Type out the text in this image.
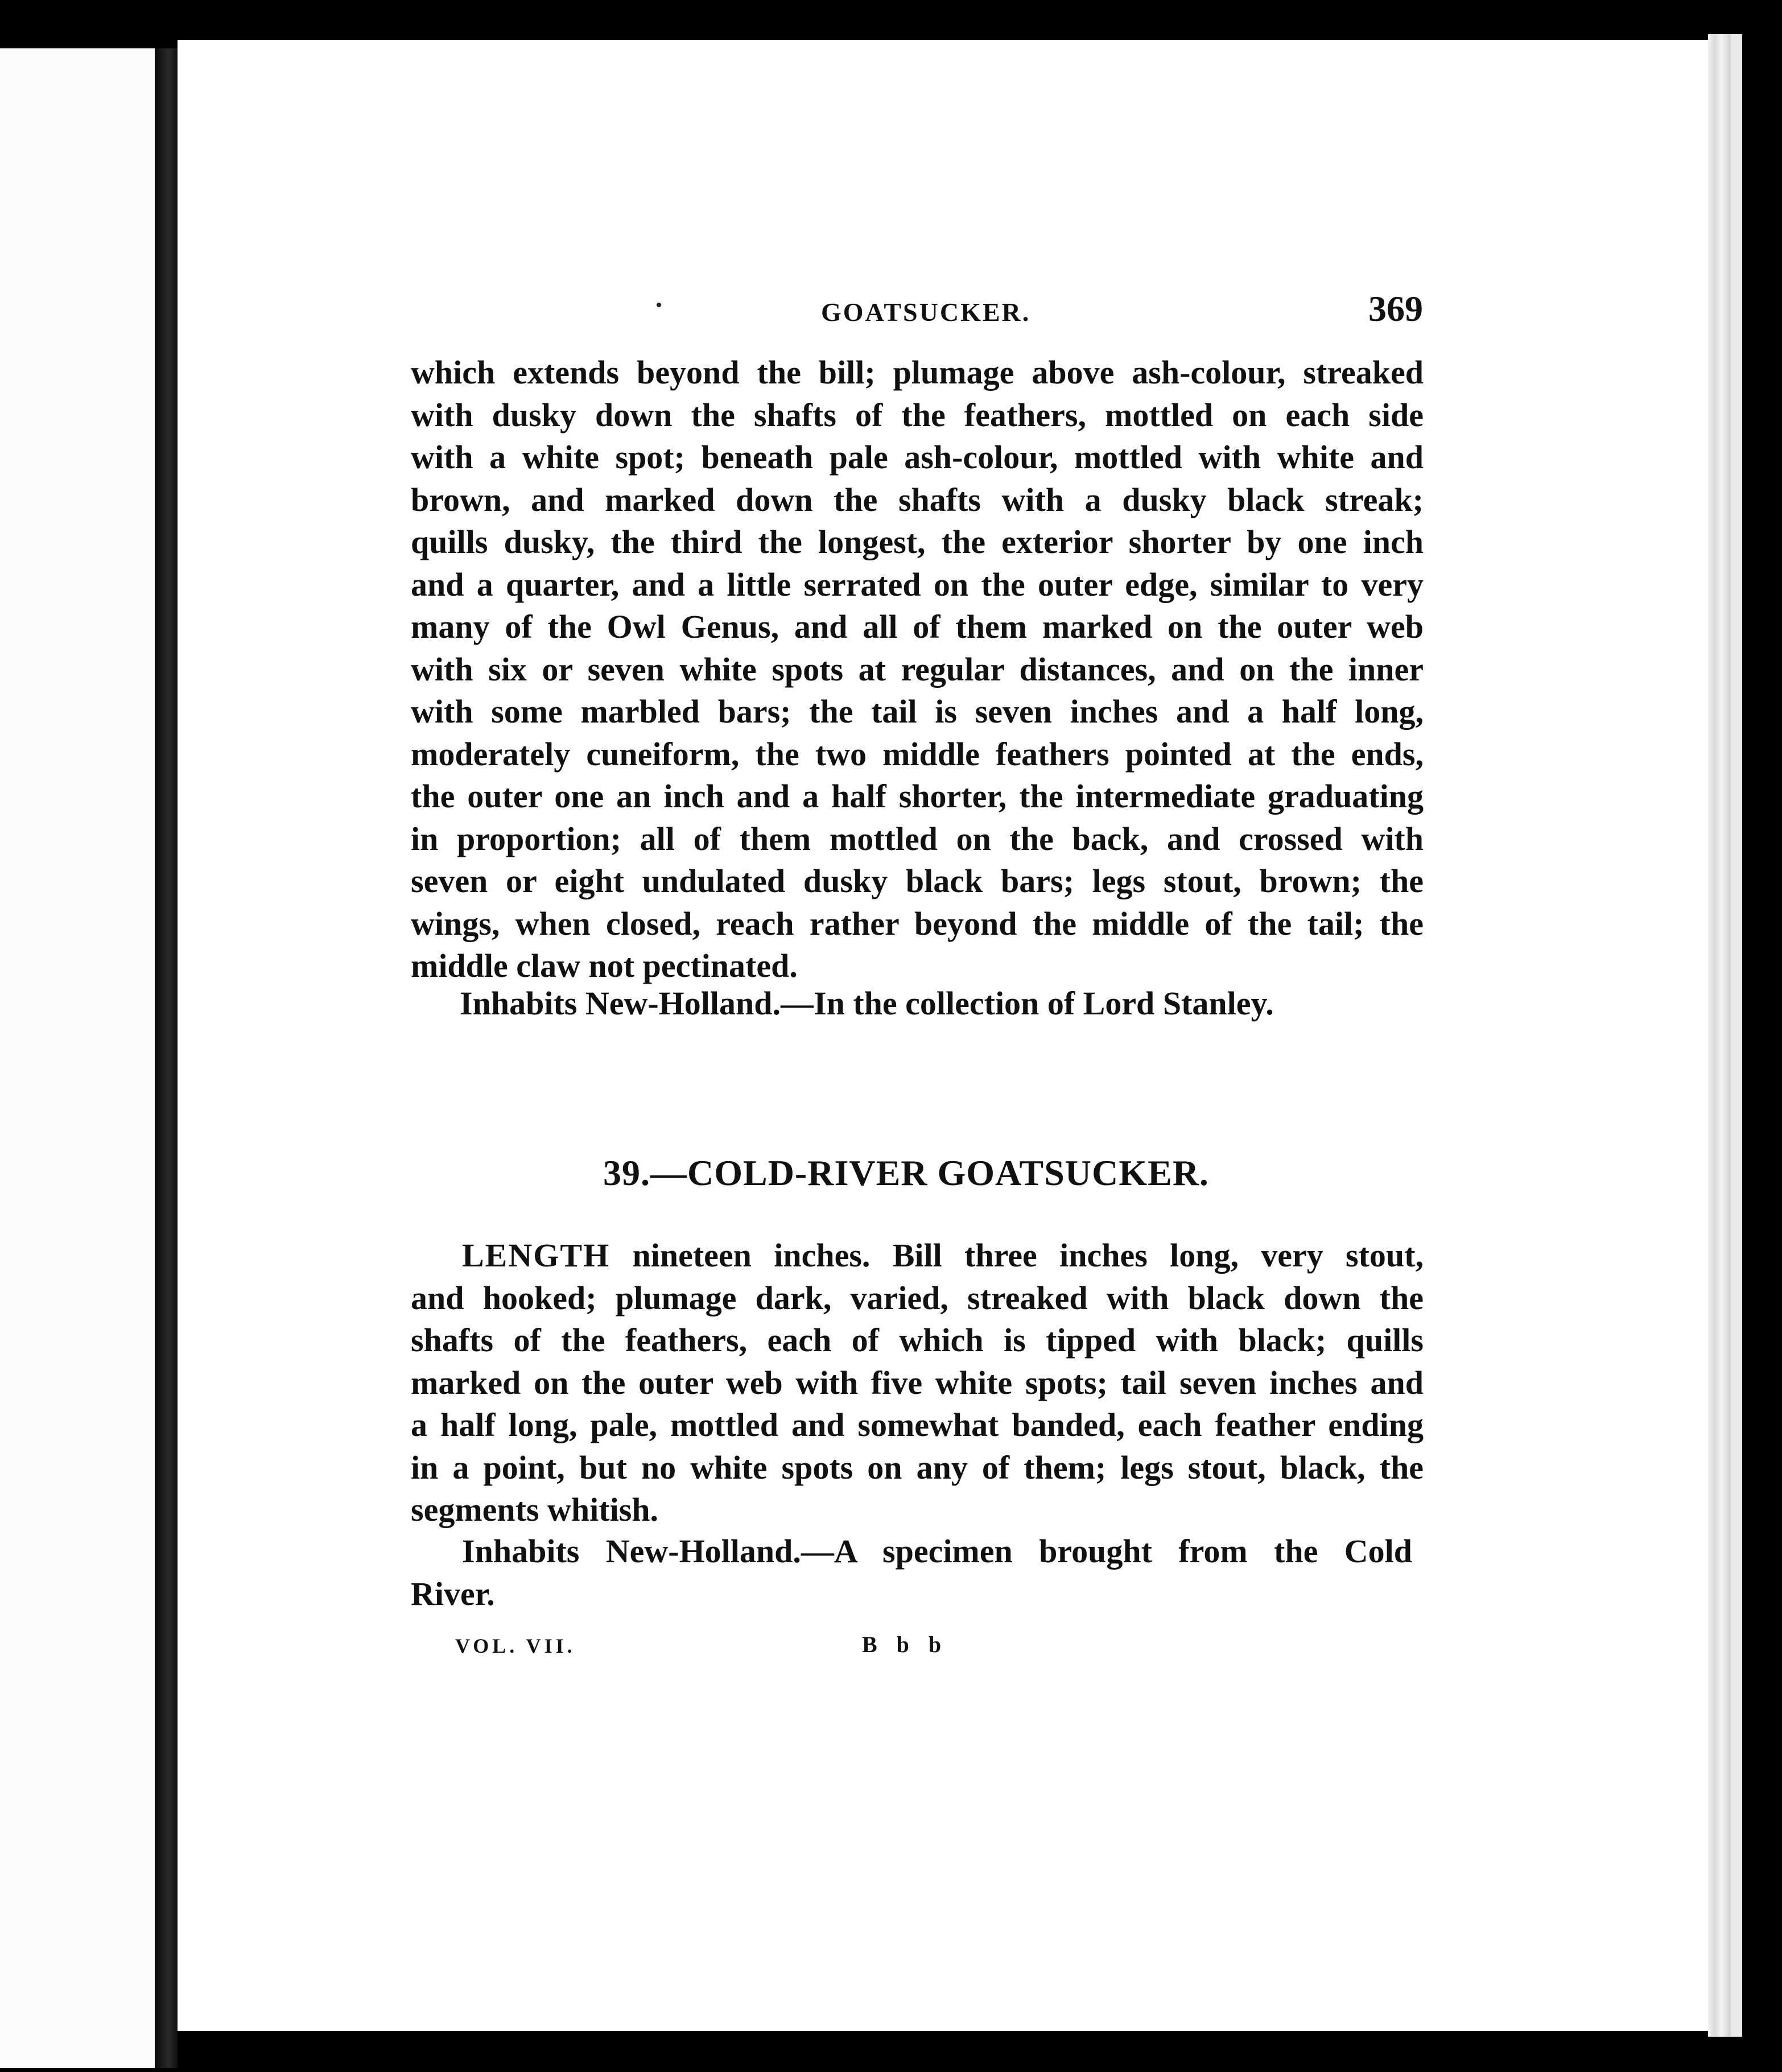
GOATSUCKER.	369
which extends beyond the bill; plumage above ash-colour, streaked
with dusky down the shafts of the feathers, mottled on each side
with a white spot; beneath pale ash-colour, mottled with white and
brown, and marked down the shafts with a dusky black streak;
quills dusky, the third the longest, the exterior shorter by one inch
and a quarter, and a little serrated on the outer edge, similar to very
many of the Owl Genus, and all of them marked on the outer web
with six or seven white spots at regular distances, and on the inner
with some marbled bars; the tail is seven inches and a half long,
moderately cuneiform, the two middle feathers pointed at the ends,
the outer one an inch and a half shorter, the intermediate graduating
in proportion; all of them mottled on the back, and crossed with
seven or eight undulated dusky black bars; legs stout, brown; the
wings, when closed, reach rather beyond the middle of the tail; the
middle claw not pectinated.
Inhabits New-Holland.—In the collection of Lord Stanley.
39.—COLD-RIVER GOATSUCKER.
LENGTH nineteen inches. Bill three inches long, very stout,
and hooked; plumage dark, varied, streaked with black down the
shafts of the feathers, each of which is tipped with black; quills
marked on the outer web with five white spots; tail seven inches and
a half long, pale, mottled and somewhat banded, each feather ending
in a point, but no white spots on any of them; legs stout, black, the
segments whitish.
Inhabits New-Holland.—A specimen brought from the Cold
River.
VOL. VII.	B b b
